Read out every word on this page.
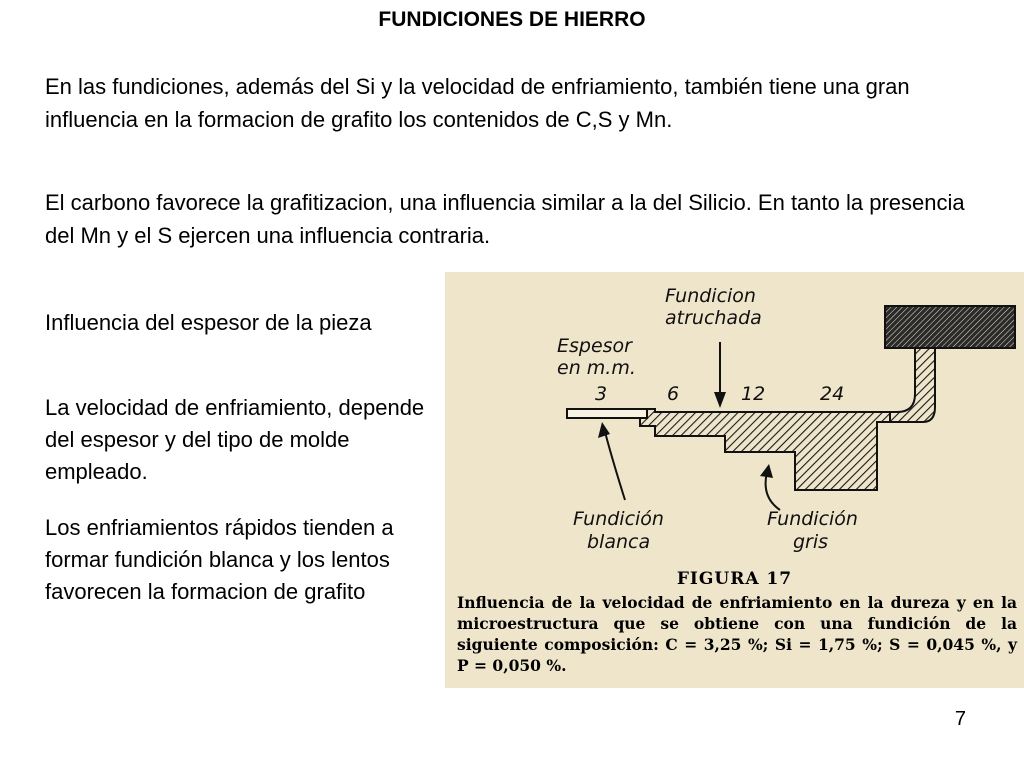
FUNDICIONES DE HIERRO

En las fundiciones, además del Si y la velocidad de enfriamiento, también tiene una gran influencia en la formacion de grafito los contenidos de C,S y Mn.

El carbono favorece la grafitizacion, una influencia similar a la del Silicio. En tanto la presencia del Mn y el S ejercen una influencia contraria.

Influencia del espesor de la pieza
La velocidad de enfriamiento, depende del espesor y del tipo de molde empleado.
Los enfriamientos rápidos tienden a formar fundición blanca y los lentos favorecen la formacion de grafito
Fundicion
atruchada
Espesor
en m.m.
3	6	12	24
Fundición
blanca
Fundición
gris
FIGURA 17
Influencia de la velocidad de enfriamiento en la dureza y en la microestructura que se obtiene con una fundición de la siguiente composición: C = 3,25 %; Si = 1,75 %; S = 0,045 %, y P = 0,050 %.
7
